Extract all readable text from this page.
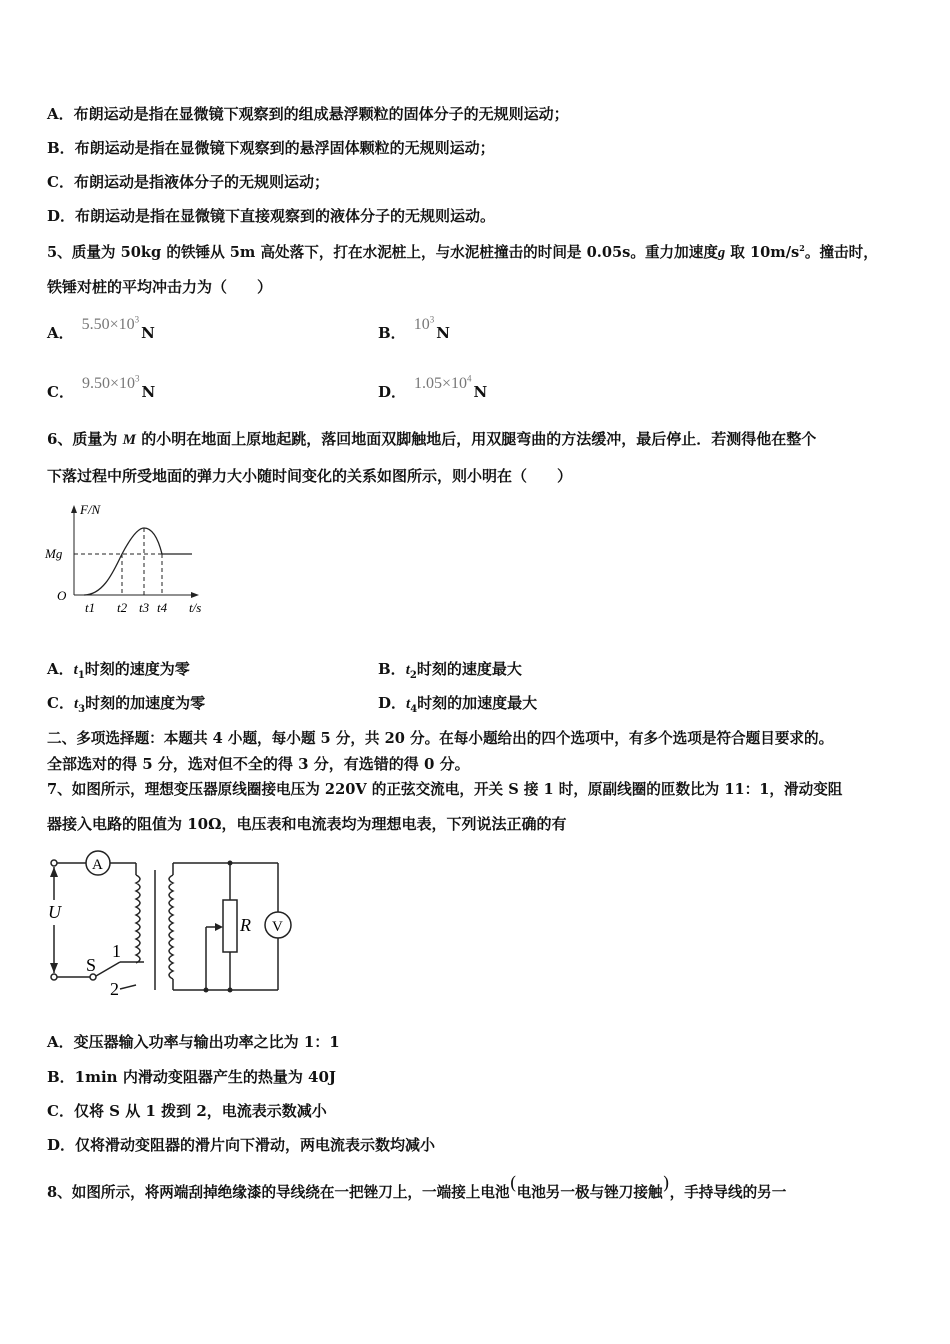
A．布朗运动是指在显微镜下观察到的组成悬浮颗粒的固体分子的无规则运动；
B．布朗运动是指在显微镜下观察到的悬浮固体颗粒的无规则运动；
C．布朗运动是指液体分子的无规则运动；
D．布朗运动是指在显微镜下直接观察到的液体分子的无规则运动。
5、质量为 50kg 的铁锤从 5m 高处落下，打在水泥桩上，与水泥桩撞击的时间是 0.05s。重力加速度g 取 $10m/s^2$。撞击时，
铁锤对桩的平均冲击力为（　　）
A． $5.50\times 10^3N$	B． $10^3N$
C． $9.50\times 10^3N$	D． $1.05\times 10^4N$
6、质量为 M 的小明在地面上原地起跳，落回地面双脚触地后，用双腿弯曲的方法缓冲，最后停止．若测得他在整个
下落过程中所受地面的弹力大小随时间变化的关系如图所示，则小明在（　　）
F/N
Mg
O
t1 t2 t3 t4 t/s
A．$t_1$时刻的速度为零	B．$t_2$时刻的速度最大
C．$t_3$时刻的加速度为零	D．$t_4$时刻的加速度最大
二、多项选择题：本题共 4 小题，每小题 5 分，共 20 分。在每小题给出的四个选项中，有多个选项是符合题目要求的。
全部选对的得 5 分，选对但不全的得 3 分，有选错的得 0 分。
7、如图所示，理想变压器原线圈接电压为 220V 的正弦交流电，开关 S 接 1 时，原副线圈的匝数比为 11：1，滑动变阻
器接入电路的阻值为 10Ω，电压表和电流表均为理想电表，下列说法正确的有
A
V
U
S
1
2
R
A．变压器输入功率与输出功率之比为 1：1
B．1min 内滑动变阻器产生的热量为 40J
C．仅将 S 从 1 拨到 2，电流表示数减小
D．仅将滑动变阻器的滑片向下滑动，两电流表示数均减小
8、如图所示，将两端刮掉绝缘漆的导线绕在一把锉刀上，一端接上电池(电池另一极与锉刀接触)，手持导线的另一
